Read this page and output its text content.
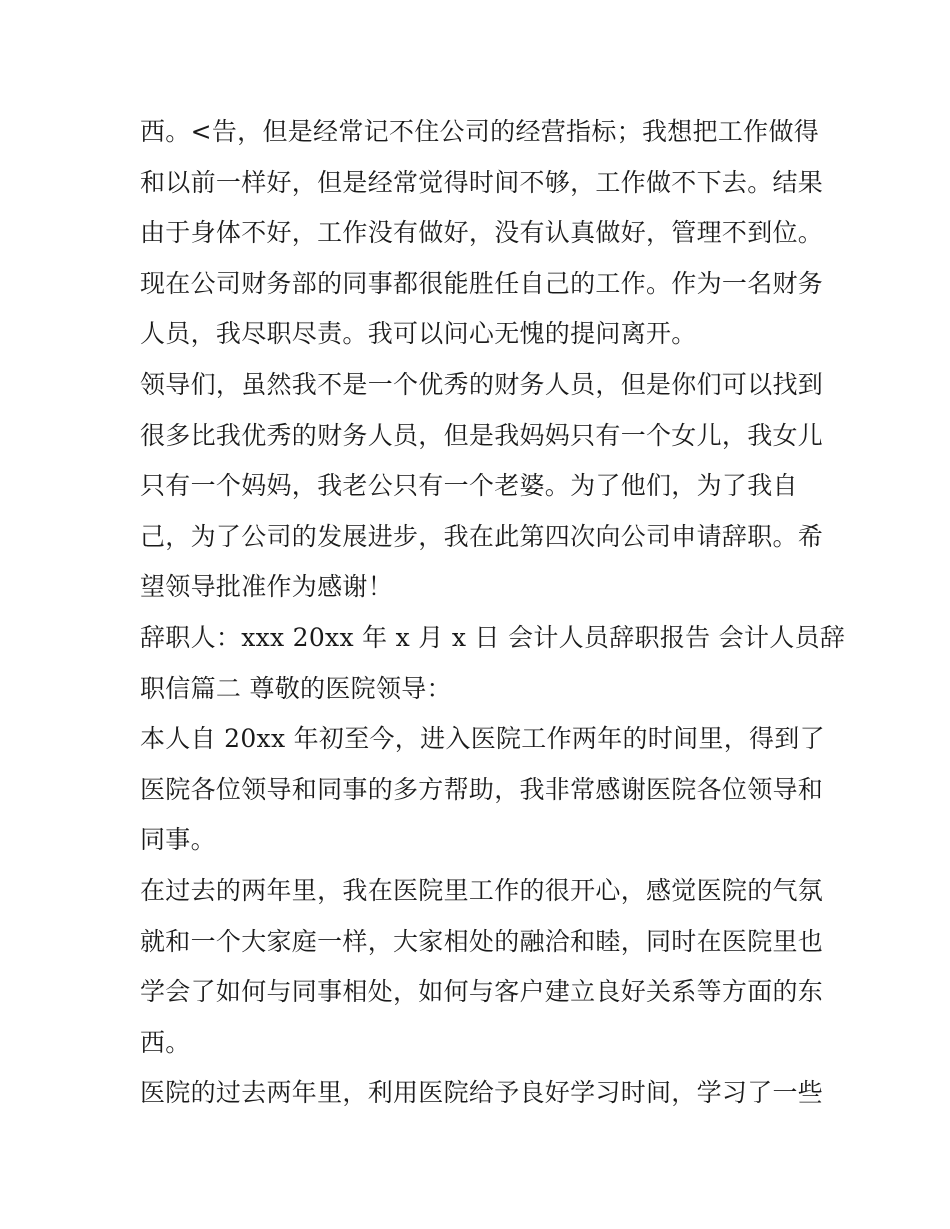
西。<告，但是经常记不住公司的经营指标；我想把工作做得
和以前一样好，但是经常觉得时间不够，工作做不下去。结果
由于身体不好，工作没有做好，没有认真做好，管理不到位。
现在公司财务部的同事都很能胜任自己的工作。作为一名财务
人员，我尽职尽责。我可以问心无愧的提问离开。
领导们，虽然我不是一个优秀的财务人员，但是你们可以找到
很多比我优秀的财务人员，但是我妈妈只有一个女儿，我女儿
只有一个妈妈，我老公只有一个老婆。为了他们，为了我自
己，为了公司的发展进步，我在此第四次向公司申请辞职。希
望领导批准作为感谢！
辞职人：xxx 20xx 年 x 月 x 日 会计人员辞职报告 会计人员辞
职信篇二 尊敬的医院领导：
本人自 20xx 年初至今，进入医院工作两年的时间里，得到了
医院各位领导和同事的多方帮助，我非常感谢医院各位领导和
同事。
在过去的两年里，我在医院里工作的很开心，感觉医院的气氛
就和一个大家庭一样，大家相处的融洽和睦，同时在医院里也
学会了如何与同事相处，如何与客户建立良好关系等方面的东
西。
医院的过去两年里，利用医院给予良好学习时间，学习了一些
